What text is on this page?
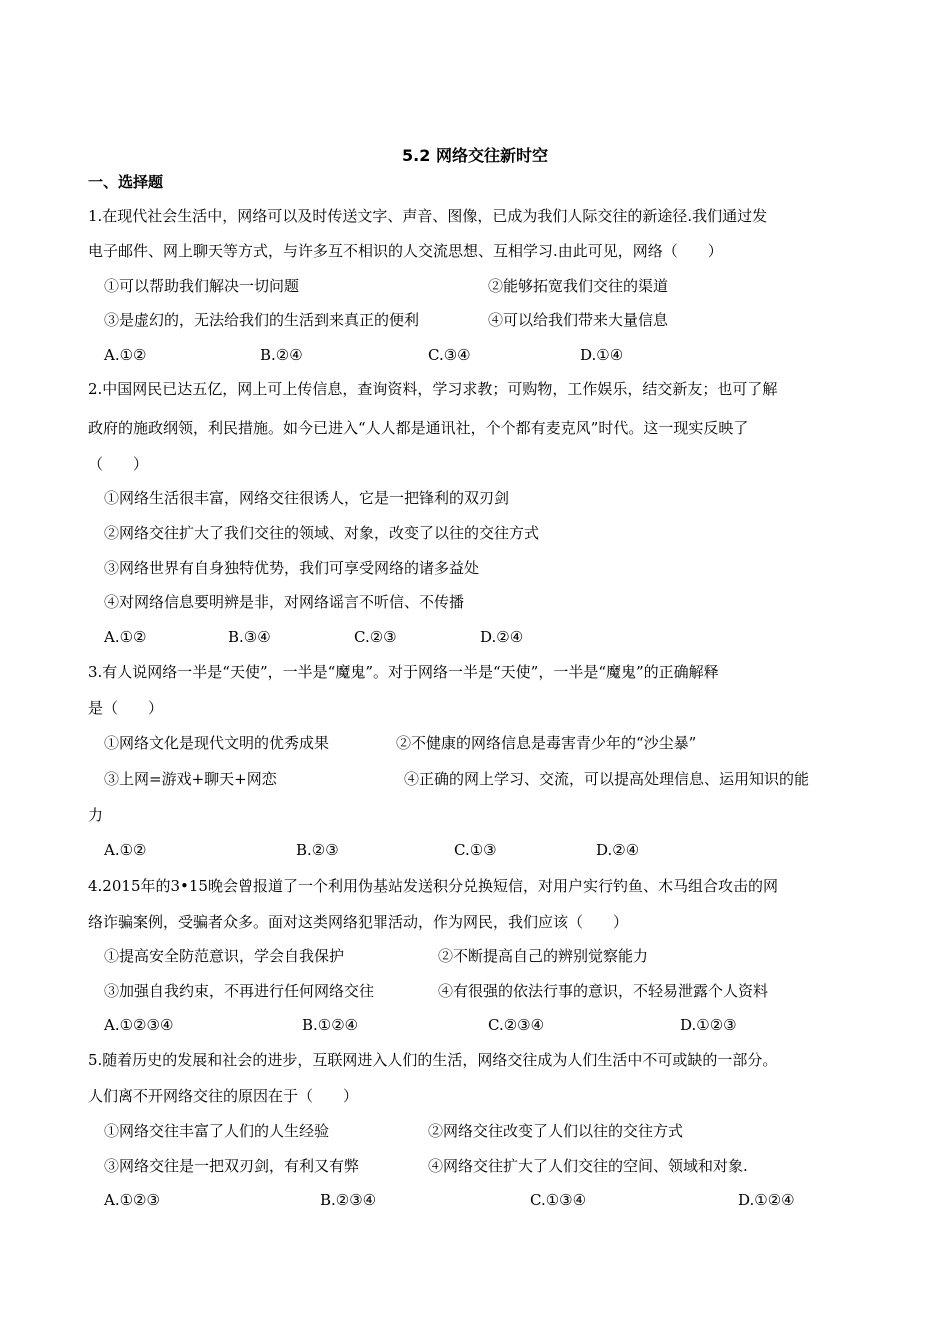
5.2 网络交往新时空
一、选择题
1.在现代社会生活中，网络可以及时传送文字、声音、图像，已成为我们人际交往的新途径.我们通过发
电子邮件、网上聊天等方式，与许多互不相识的人交流思想、互相学习.由此可见，网络（　　）
①可以帮助我们解决一切问题	②能够拓宽我们交往的渠道
③是虚幻的，无法给我们的生活到来真正的便利	④可以给我们带来大量信息
A.①②	B.②④	C.③④	D.①④
2.中国网民已达五亿，网上可上传信息，查询资料，学习求教；可购物，工作娱乐，结交新友；也可了解
政府的施政纲领，利民措施。如今已进入“人人都是通讯社，个个都有麦克风”时代。这一现实反映了
（　　）
①网络生活很丰富，网络交往很诱人，它是一把锋利的双刃剑
②网络交往扩大了我们交往的领域、对象，改变了以往的交往方式
③网络世界有自身独特优势，我们可享受网络的诸多益处
④对网络信息要明辨是非，对网络谣言不听信、不传播
A.①②	B.③④	C.②③	D.②④
3.有人说网络一半是“天使”，一半是“魔鬼”。对于网络一半是“天使”，一半是“魔鬼”的正确解释
是（　　）
①网络文化是现代文明的优秀成果	②不健康的网络信息是毒害青少年的“沙尘暴”
③上网=游戏+聊天+网恋	④正确的网上学习、交流，可以提高处理信息、运用知识的能
力
A.①②	B.②③	C.①③	D.②④
4.2015年的3•15晚会曾报道了一个利用伪基站发送积分兑换短信，对用户实行钓鱼、木马组合攻击的网
络诈骗案例，受骗者众多。面对这类网络犯罪活动，作为网民，我们应该（　　）
①提高安全防范意识，学会自我保护	②不断提高自己的辨别觉察能力
③加强自我约束，不再进行任何网络交往	④有很强的依法行事的意识，不轻易泄露个人资料
A.①②③④	B.①②④	C.②③④	D.①②③
5.随着历史的发展和社会的进步，互联网进入人们的生活，网络交往成为人们生活中不可或缺的一部分。
人们离不开网络交往的原因在于（　　）
①网络交往丰富了人们的人生经验	②网络交往改变了人们以往的交往方式
③网络交往是一把双刃剑，有利又有弊	④网络交往扩大了人们交往的空间、领域和对象.
A.①②③	B.②③④	C.①③④	D.①②④
